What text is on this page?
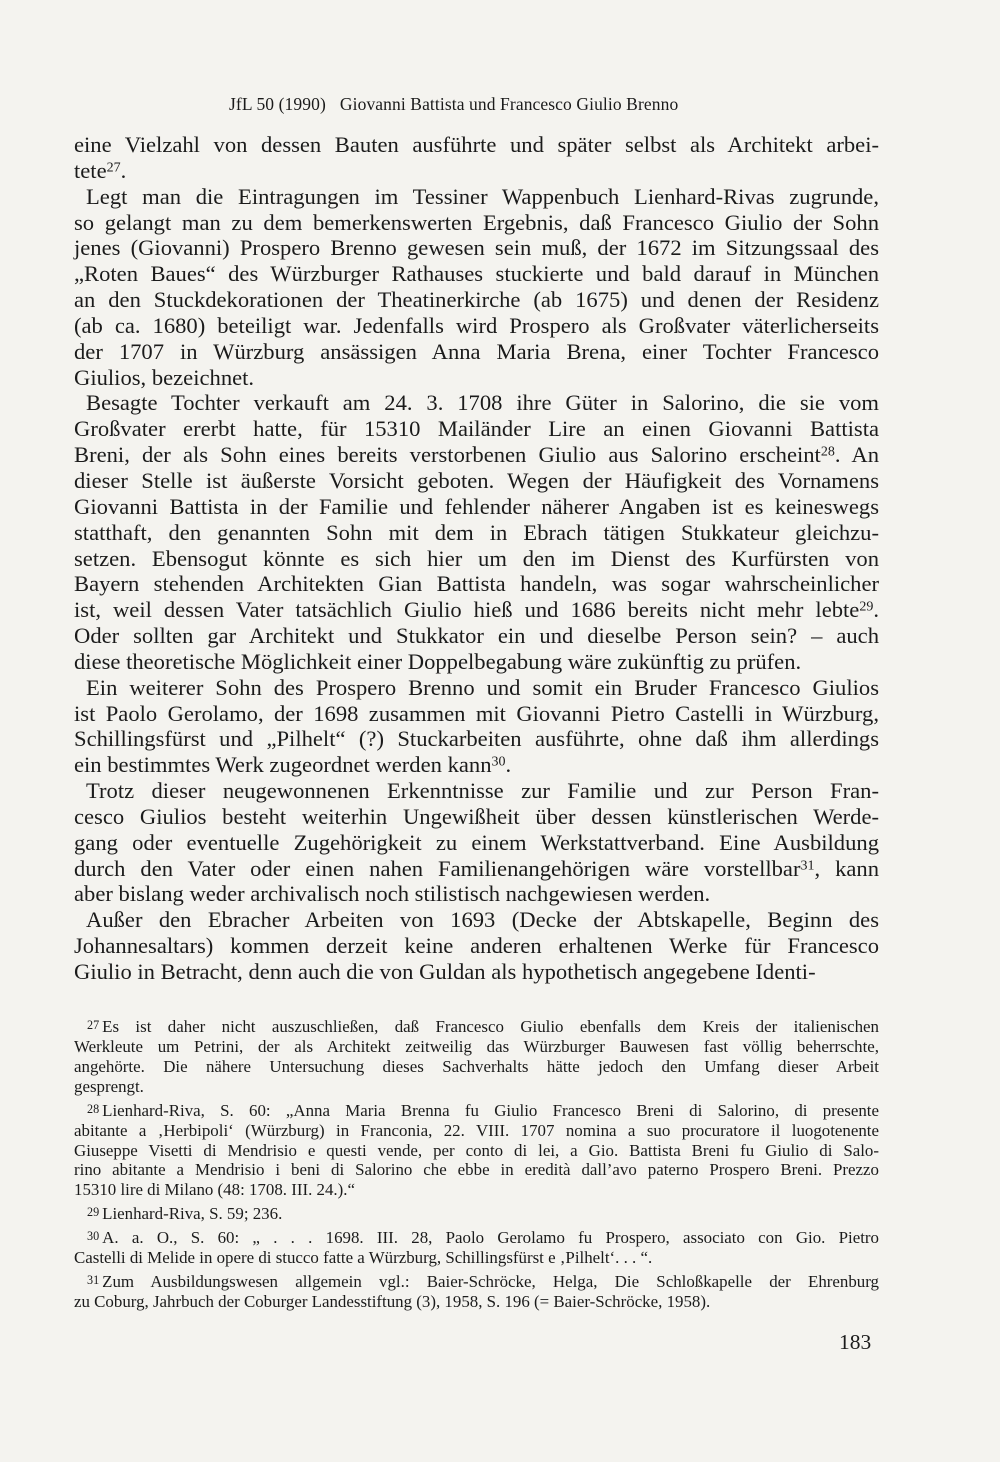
JfL 50 (1990) Giovanni Battista und Francesco Giulio Brenno

eine Vielzahl von dessen Bauten ausführte und später selbst als Architekt arbei-
tete$^{27}$.

Legt man die Eintragungen im Tessiner Wappenbuch Lienhard-Rivas zugrunde,
so gelangt man zu dem bemerkenswerten Ergebnis, daß Francesco Giulio der Sohn
jenes (Giovanni) Prospero Brenno gewesen sein muß, der 1672 im Sitzungssaal des
„Roten Baues“ des Würzburger Rathauses stuckierte und bald darauf in München
an den Stuckdekorationen der Theatinerkirche (ab 1675) und denen der Residenz
(ab ca. 1680) beteiligt war. Jedenfalls wird Prospero als Großvater väterlicherseits
der 1707 in Würzburg ansässigen Anna Maria Brena, einer Tochter Francesco
Giulios, bezeichnet.

Besagte Tochter verkauft am 24. 3. 1708 ihre Güter in Salorino, die sie vom
Großvater ererbt hatte, für 15310 Mailänder Lire an einen Giovanni Battista
Breni, der als Sohn eines bereits verstorbenen Giulio aus Salorino erscheint$^{28}$. An
dieser Stelle ist äußerste Vorsicht geboten. Wegen der Häufigkeit des Vornamens
Giovanni Battista in der Familie und fehlender näherer Angaben ist es keineswegs
statthaft, den genannten Sohn mit dem in Ebrach tätigen Stukkateur gleichzu-
setzen. Ebensogut könnte es sich hier um den im Dienst des Kurfürsten von
Bayern stehenden Architekten Gian Battista handeln, was sogar wahrscheinlicher
ist, weil dessen Vater tatsächlich Giulio hieß und 1686 bereits nicht mehr lebte$^{29}$.
Oder sollten gar Architekt und Stukkator ein und dieselbe Person sein? – auch
diese theoretische Möglichkeit einer Doppelbegabung wäre zukünftig zu prüfen.

Ein weiterer Sohn des Prospero Brenno und somit ein Bruder Francesco Giulios
ist Paolo Gerolamo, der 1698 zusammen mit Giovanni Pietro Castelli in Würzburg,
Schillingsfürst und „Pilhelt“ (?) Stuckarbeiten ausführte, ohne daß ihm allerdings
ein bestimmtes Werk zugeordnet werden kann$^{30}$.

Trotz dieser neugewonnenen Erkenntnisse zur Familie und zur Person Fran-
cesco Giulios besteht weiterhin Ungewißheit über dessen künstlerischen Werde-
gang oder eventuelle Zugehörigkeit zu einem Werkstattverband. Eine Ausbildung
durch den Vater oder einen nahen Familienangehörigen wäre vorstellbar$^{31}$, kann
aber bislang weder archivalisch noch stilistisch nachgewiesen werden.

Außer den Ebracher Arbeiten von 1693 (Decke der Abtskapelle, Beginn des
Johannesaltars) kommen derzeit keine anderen erhaltenen Werke für Francesco
Giulio in Betracht, denn auch die von Guldan als hypothetisch angegebene Identi-

27 Es ist daher nicht auszuschließen, daß Francesco Giulio ebenfalls dem Kreis der italienischen
Werkleute um Petrini, der als Architekt zeitweilig das Würzburger Bauwesen fast völlig beherrschte,
angehörte. Die nähere Untersuchung dieses Sachverhalts hätte jedoch den Umfang dieser Arbeit
gesprengt.
28 Lienhard-Riva, S. 60: „Anna Maria Brenna fu Giulio Francesco Breni di Salorino, di presente
abitante a ‚Herbipoli‘ (Würzburg) in Franconia, 22. VIII. 1707 nomina a suo procuratore il luogotenente
Giuseppe Visetti di Mendrisio e questi vende, per conto di lei, a Gio. Battista Breni fu Giulio di Salo-
rino abitante a Mendrisio i beni di Salorino che ebbe in eredità dall’avo paterno Prospero Breni. Prezzo
15310 lire di Milano (48: 1708. III. 24.).“
29 Lienhard-Riva, S. 59; 236.
30 A. a. O., S. 60: „ . . . 1698. III. 28, Paolo Gerolamo fu Prospero, associato con Gio. Pietro
Castelli di Melide in opere di stucco fatte a Würzburg, Schillingsfürst e ‚Pilhelt‘. . . “.
31 Zum Ausbildungswesen allgemein vgl.: Baier-Schröcke, Helga, Die Schloßkapelle der Ehrenburg
zu Coburg, Jahrbuch der Coburger Landesstiftung (3), 1958, S. 196 (= Baier-Schröcke, 1958).
183
